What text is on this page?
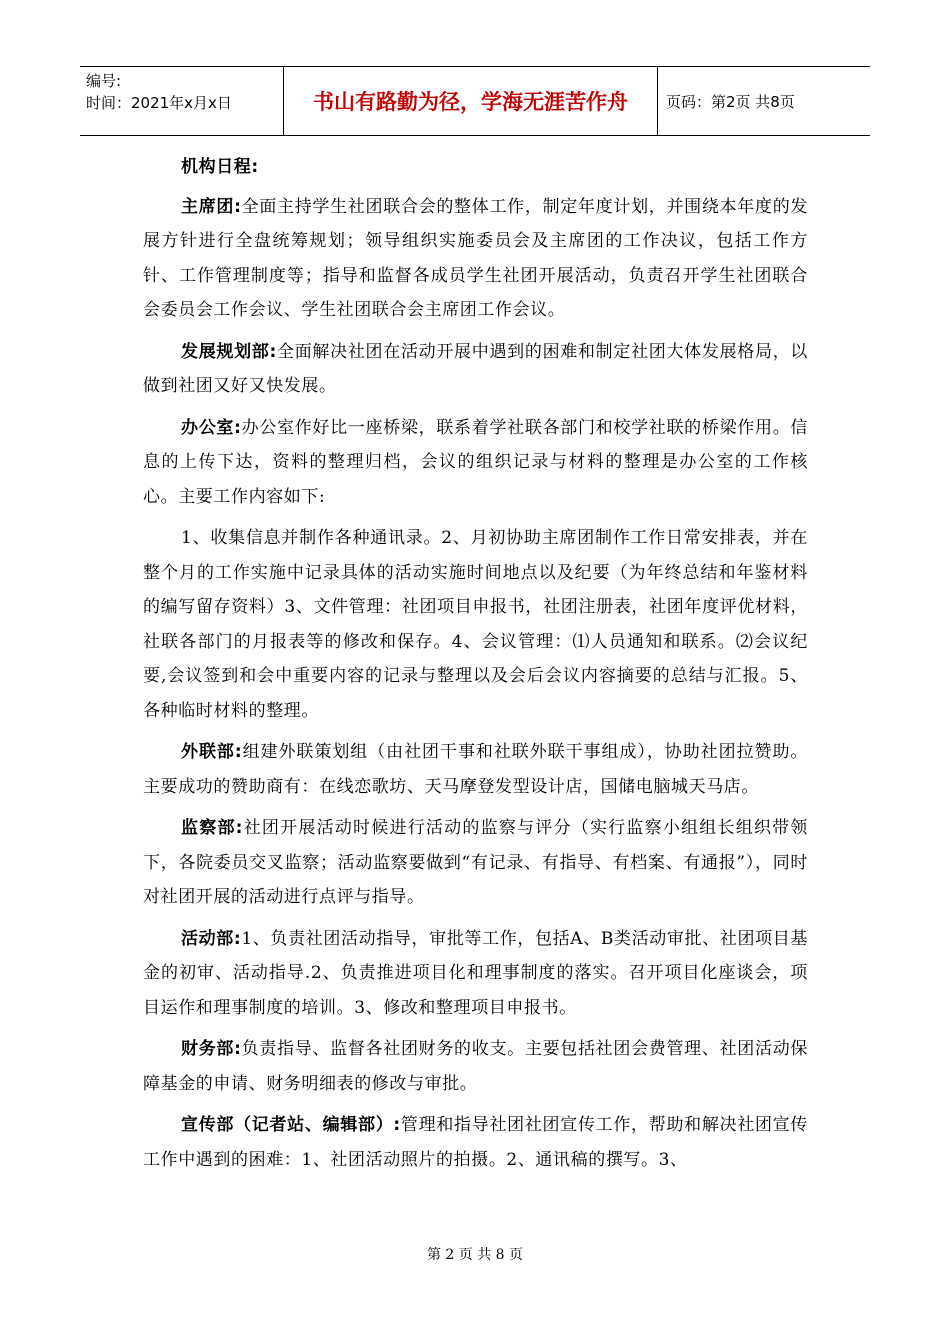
编号:
时间：2021年x月x日	书山有路勤为径，学海无涯苦作舟	页码：第2页 共8页

机构日程:

主席团:全面主持学生社团联合会的整体工作，制定年度计划，并围绕本年度的发展方针进行全盘统筹规划；领导组织实施委员会及主席团的工作决议，包括工作方针、工作管理制度等；指导和监督各成员学生社团开展活动，负责召开学生社团联合会委员会工作会议、学生社团联合会主席团工作会议。

发展规划部:全面解决社团在活动开展中遇到的困难和制定社团大体发展格局，以做到社团又好又快发展。

办公室:办公室作好比一座桥梁，联系着学社联各部门和校学社联的桥梁作用。信息的上传下达，资料的整理归档，会议的组织记录与材料的整理是办公室的工作核心。主要工作内容如下:

1、收集信息并制作各种通讯录。2、月初协助主席团制作工作日常安排表，并在整个月的工作实施中记录具体的活动实施时间地点以及纪要（为年终总结和年鉴材料的编写留存资料）3、文件管理：社团项目申报书，社团注册表，社团年度评优材料，社联各部门的月报表等的修改和保存。4、会议管理：⑴人员通知和联系。⑵会议纪要,会议签到和会中重要内容的记录与整理以及会后会议内容摘要的总结与汇报。5、各种临时材料的整理。

外联部:组建外联策划组（由社团干事和社联外联干事组成），协助社团拉赞助。主要成功的赞助商有：在线恋歌坊、天马摩登发型设计店，国储电脑城天马店。

监察部:社团开展活动时候进行活动的监察与评分（实行监察小组组长组织带领下，各院委员交叉监察；活动监察要做到“有记录、有指导、有档案、有通报”），同时对社团开展的活动进行点评与指导。

活动部:1、负责社团活动指导，审批等工作，包括A、B类活动审批、社团项目基金的初审、活动指导.2、负责推进项目化和理事制度的落实。召开项目化座谈会，项目运作和理事制度的培训。3、修改和整理项目申报书。

财务部:负责指导、监督各社团财务的收支。主要包括社团会费管理、社团活动保障基金的申请、财务明细表的修改与审批。

宣传部（记者站、编辑部）:管理和指导社团社团宣传工作，帮助和解决社团宣传工作中遇到的困难：1、社团活动照片的拍摄。2、通讯稿的撰写。3、

第 2 页 共 8 页
